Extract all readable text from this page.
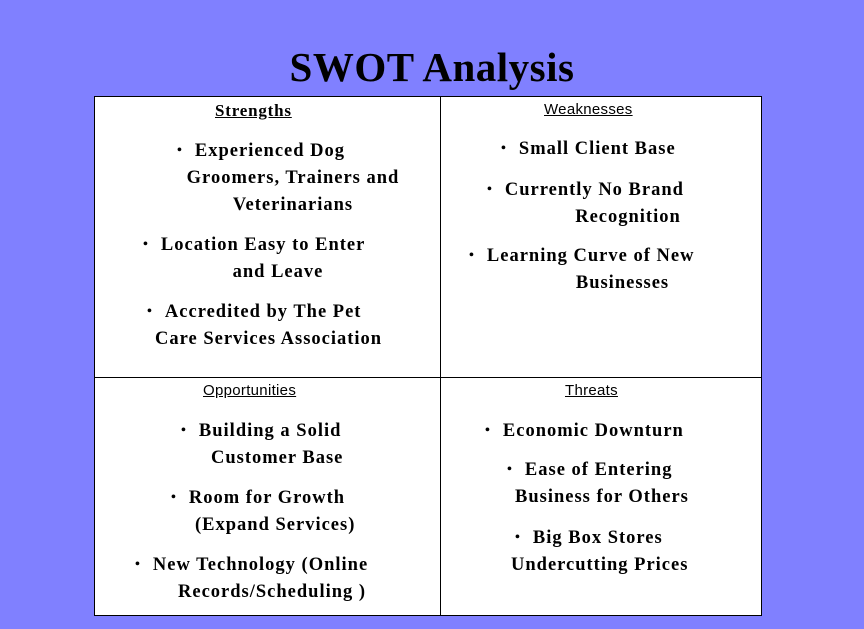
SWOT Analysis
Strengths
• Experienced Dog
Groomers, Trainers and
Veterinarians
• Location Easy to Enter
and Leave
• Accredited by The Pet
Care Services Association
Weaknesses
• Small Client Base
• Currently No Brand
Recognition
• Learning Curve of New
Businesses
Opportunities
• Building a Solid
Customer Base
• Room for Growth
(Expand Services)
• New Technology (Online
Records/Scheduling )
Threats
• Economic Downturn
• Ease of Entering
Business for Others
• Big Box Stores
Undercutting Prices
